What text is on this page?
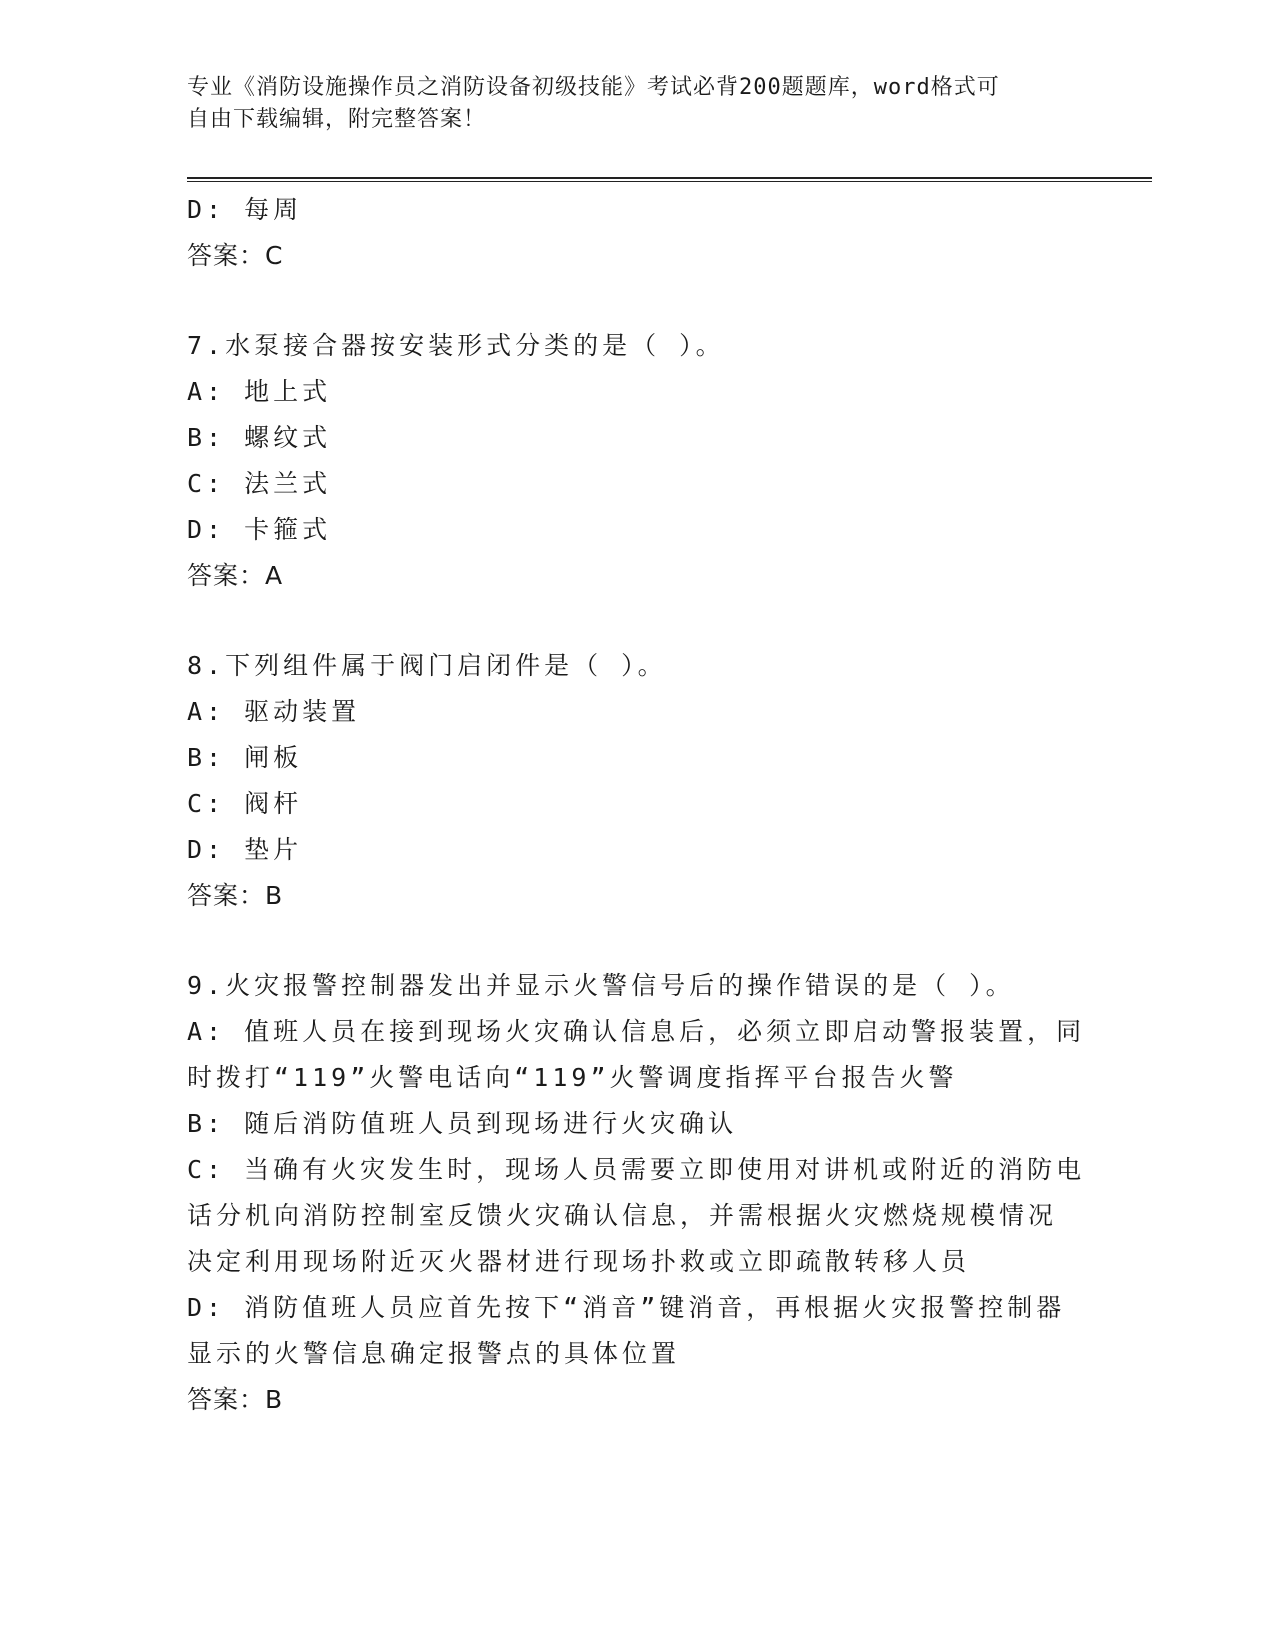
专业《消防设施操作员之消防设备初级技能》考试必背200题题库，word格式可
自由下载编辑，附完整答案！
D: 每周
答案：C
7.水泵接合器按安装形式分类的是（ ）。
A: 地上式
B: 螺纹式
C: 法兰式
D: 卡箍式
答案：A
8.下列组件属于阀门启闭件是（ ）。
A: 驱动装置
B: 闸板
C: 阀杆
D: 垫片
答案：B
9.火灾报警控制器发出并显示火警信号后的操作错误的是（ ）。
A: 值班人员在接到现场火灾确认信息后，必须立即启动警报装置，同
时拨打“119”火警电话向“119”火警调度指挥平台报告火警
B: 随后消防值班人员到现场进行火灾确认
C: 当确有火灾发生时，现场人员需要立即使用对讲机或附近的消防电
话分机向消防控制室反馈火灾确认信息，并需根据火灾燃烧规模情况
决定利用现场附近灭火器材进行现场扑救或立即疏散转移人员
D: 消防值班人员应首先按下“消音”键消音，再根据火灾报警控制器
显示的火警信息确定报警点的具体位置
答案：B
